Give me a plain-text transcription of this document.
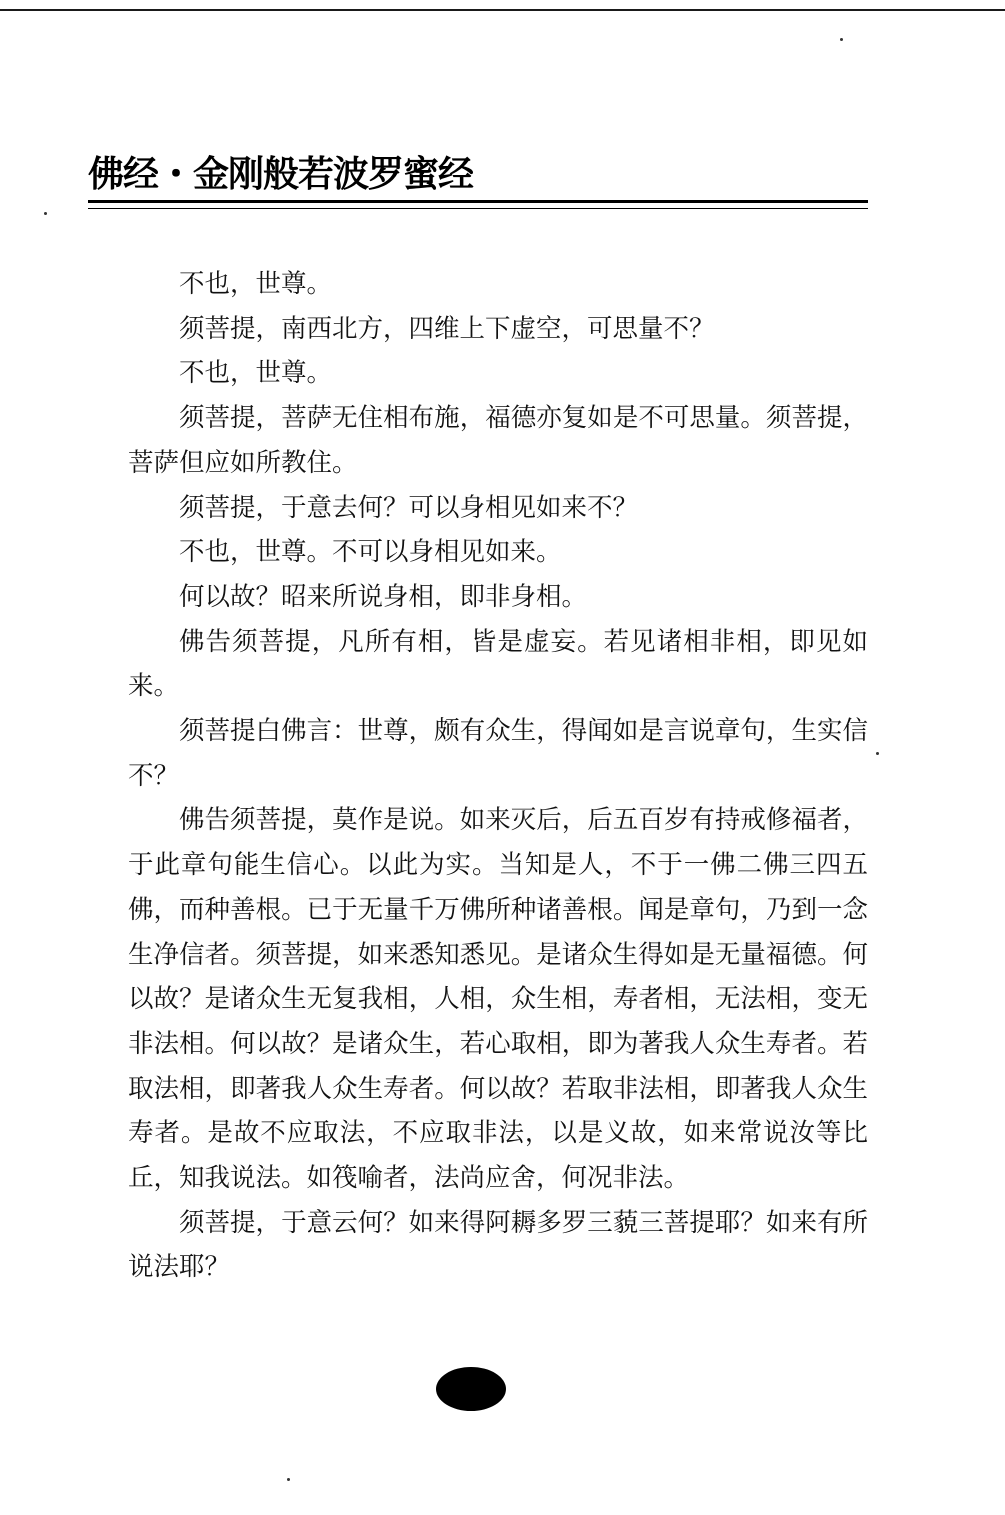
佛经・金刚般若波罗蜜经

不也，世尊。

须菩提，南西北方，四维上下虚空，可思量不？

不也，世尊。

须菩提，菩萨无住相布施，福德亦复如是不可思量。须菩提，菩萨但应如所教住。

须菩提，于意去何？可以身相见如来不？

不也，世尊。不可以身相见如来。

何以故？昭来所说身相，即非身相。

佛告须菩提，凡所有相，皆是虚妄。若见诸相非相，即见如来。

须菩提白佛言：世尊，颇有众生，得闻如是言说章句，生实信不？

佛告须菩提，莫作是说。如来灭后，后五百岁有持戒修福者，于此章句能生信心。以此为实。当知是人，不于一佛二佛三四五佛，而种善根。已于无量千万佛所种诸善根。闻是章句，乃到一念生净信者。须菩提，如来悉知悉见。是诸众生得如是无量福德。何以故？是诸众生无复我相，人相，众生相，寿者相，无法相，变无非法相。何以故？是诸众生，若心取相，即为著我人众生寿者。若取法相，即著我人众生寿者。何以故？若取非法相，即著我人众生寿者。是故不应取法，不应取非法，以是义故，如来常说汝等比丘，知我说法。如筏喻者，法尚应舍，何况非法。

须菩提，于意云何？如来得阿耨多罗三藐三菩提耶？如来有所说法耶？
